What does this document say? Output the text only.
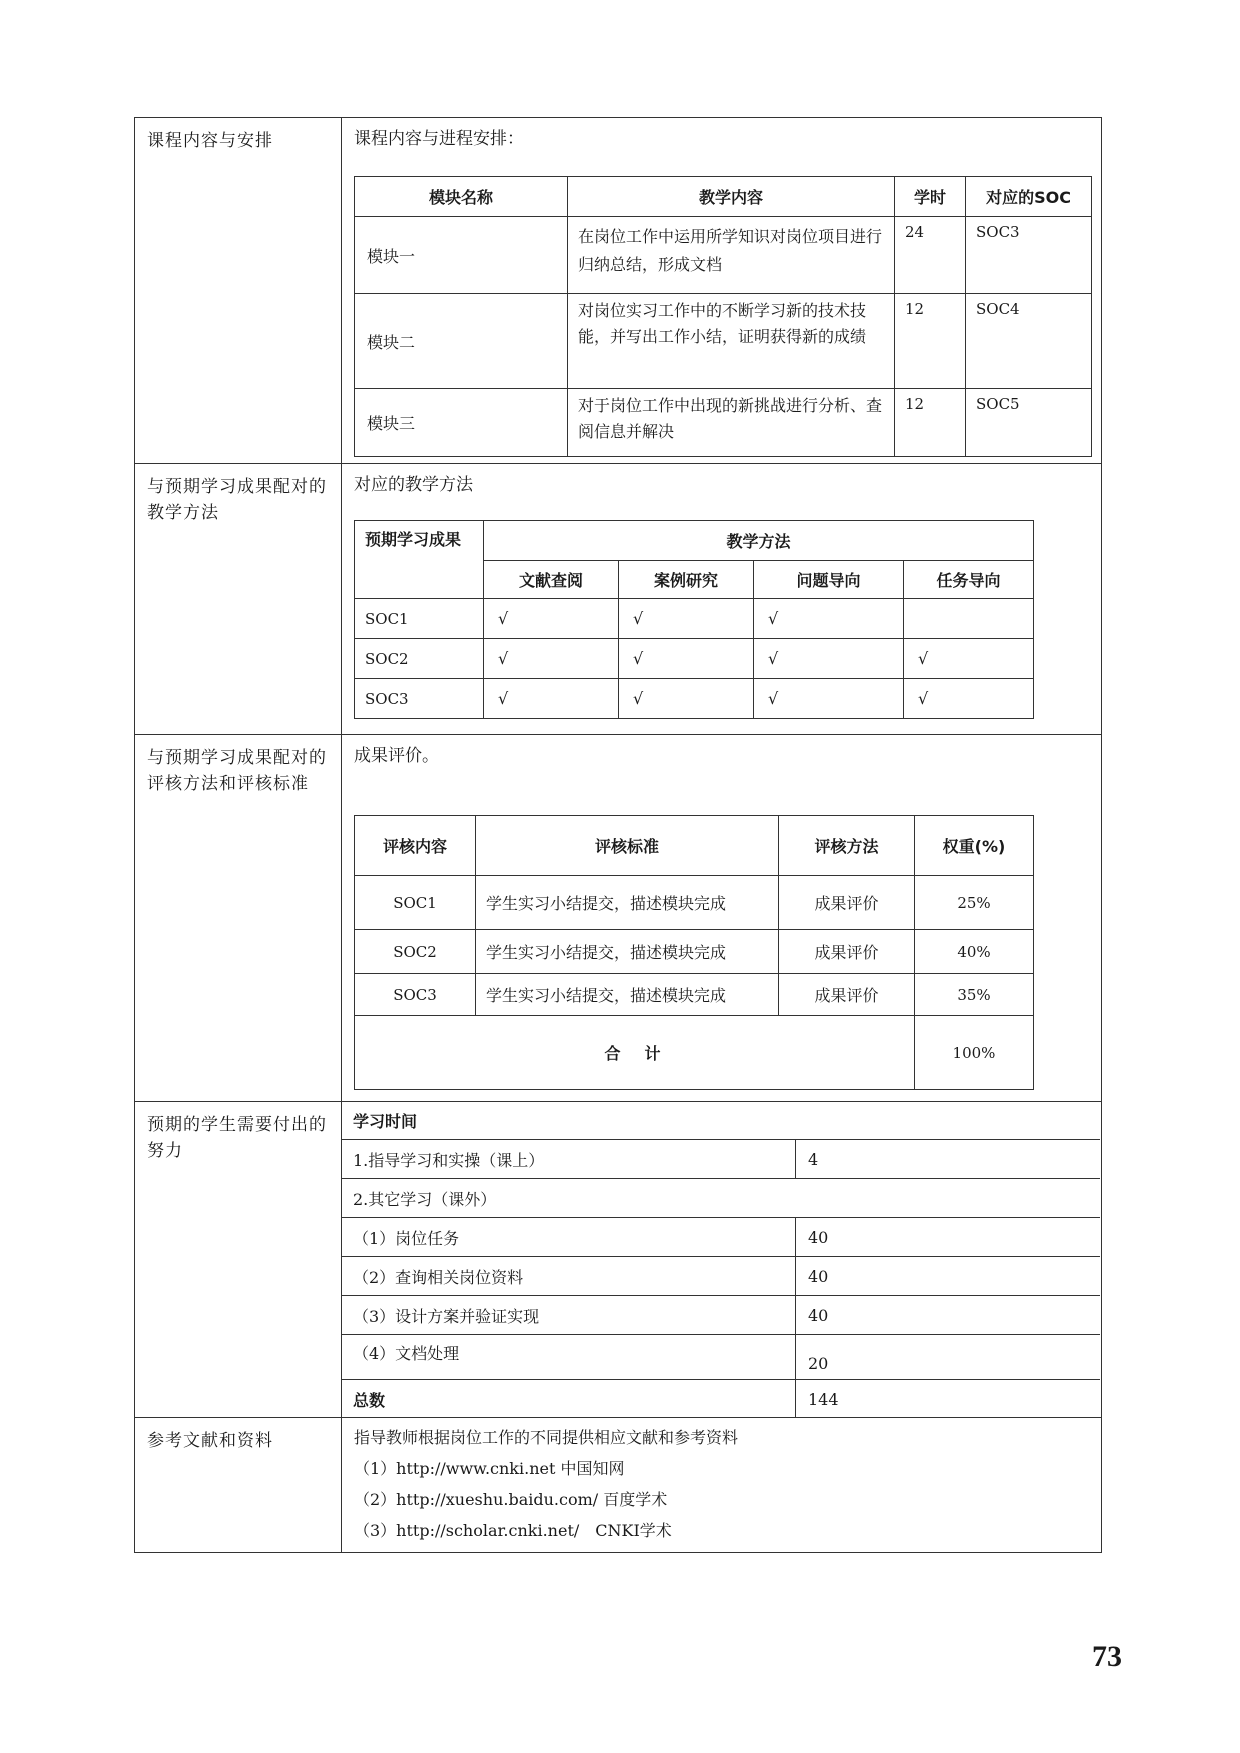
课程内容与安排	课程内容与进程安排：
模块名称	教学内容	学时	对应的SOC
模块一	在岗位工作中运用所学知识对岗位项目进行归纳总结，形成文档	24	SOC3
模块二	对岗位实习工作中的不断学习新的技术技能，并写出工作小结，证明获得新的成绩	12	SOC4
模块三	对于岗位工作中出现的新挑战进行分析、查阅信息并解决	12	SOC5

与预期学习成果配对的教学方法	
对应的教学方法
预期学习成果	教学方法
文献查阅	案例研究	问题导向	任务导向
SOC1	√	√	√	
SOC2	√	√	√	√
SOC3	√	√	√	√

与预期学习成果配对的评核方法和评核标准	
成果评价。
评核内容	评核标准	评核方法	权重(%)
SOC1	学生实习小结提交，描述模块完成	成果评价	25%
SOC2	学生实习小结提交，描述模块完成	成果评价	40%
SOC3	学生实习小结提交，描述模块完成	成果评价	35%
合　计	100%

预期的学生需要付出的努力	
学习时间
1.指导学习和实操（课上）	4
2.其它学习（课外）
（1）岗位任务	40
（2）查询相关岗位资料	40
（3）设计方案并验证实现	40
（4）文档处理	20
总数	144

参考文献和资料	指导教师根据岗位工作的不同提供相应文献和参考资料
（1）http://www.cnki.net 中国知网
（2）http://xueshu.baidu.com/ 百度学术
（3）http://scholar.cnki.net/　CNKI学术
73
